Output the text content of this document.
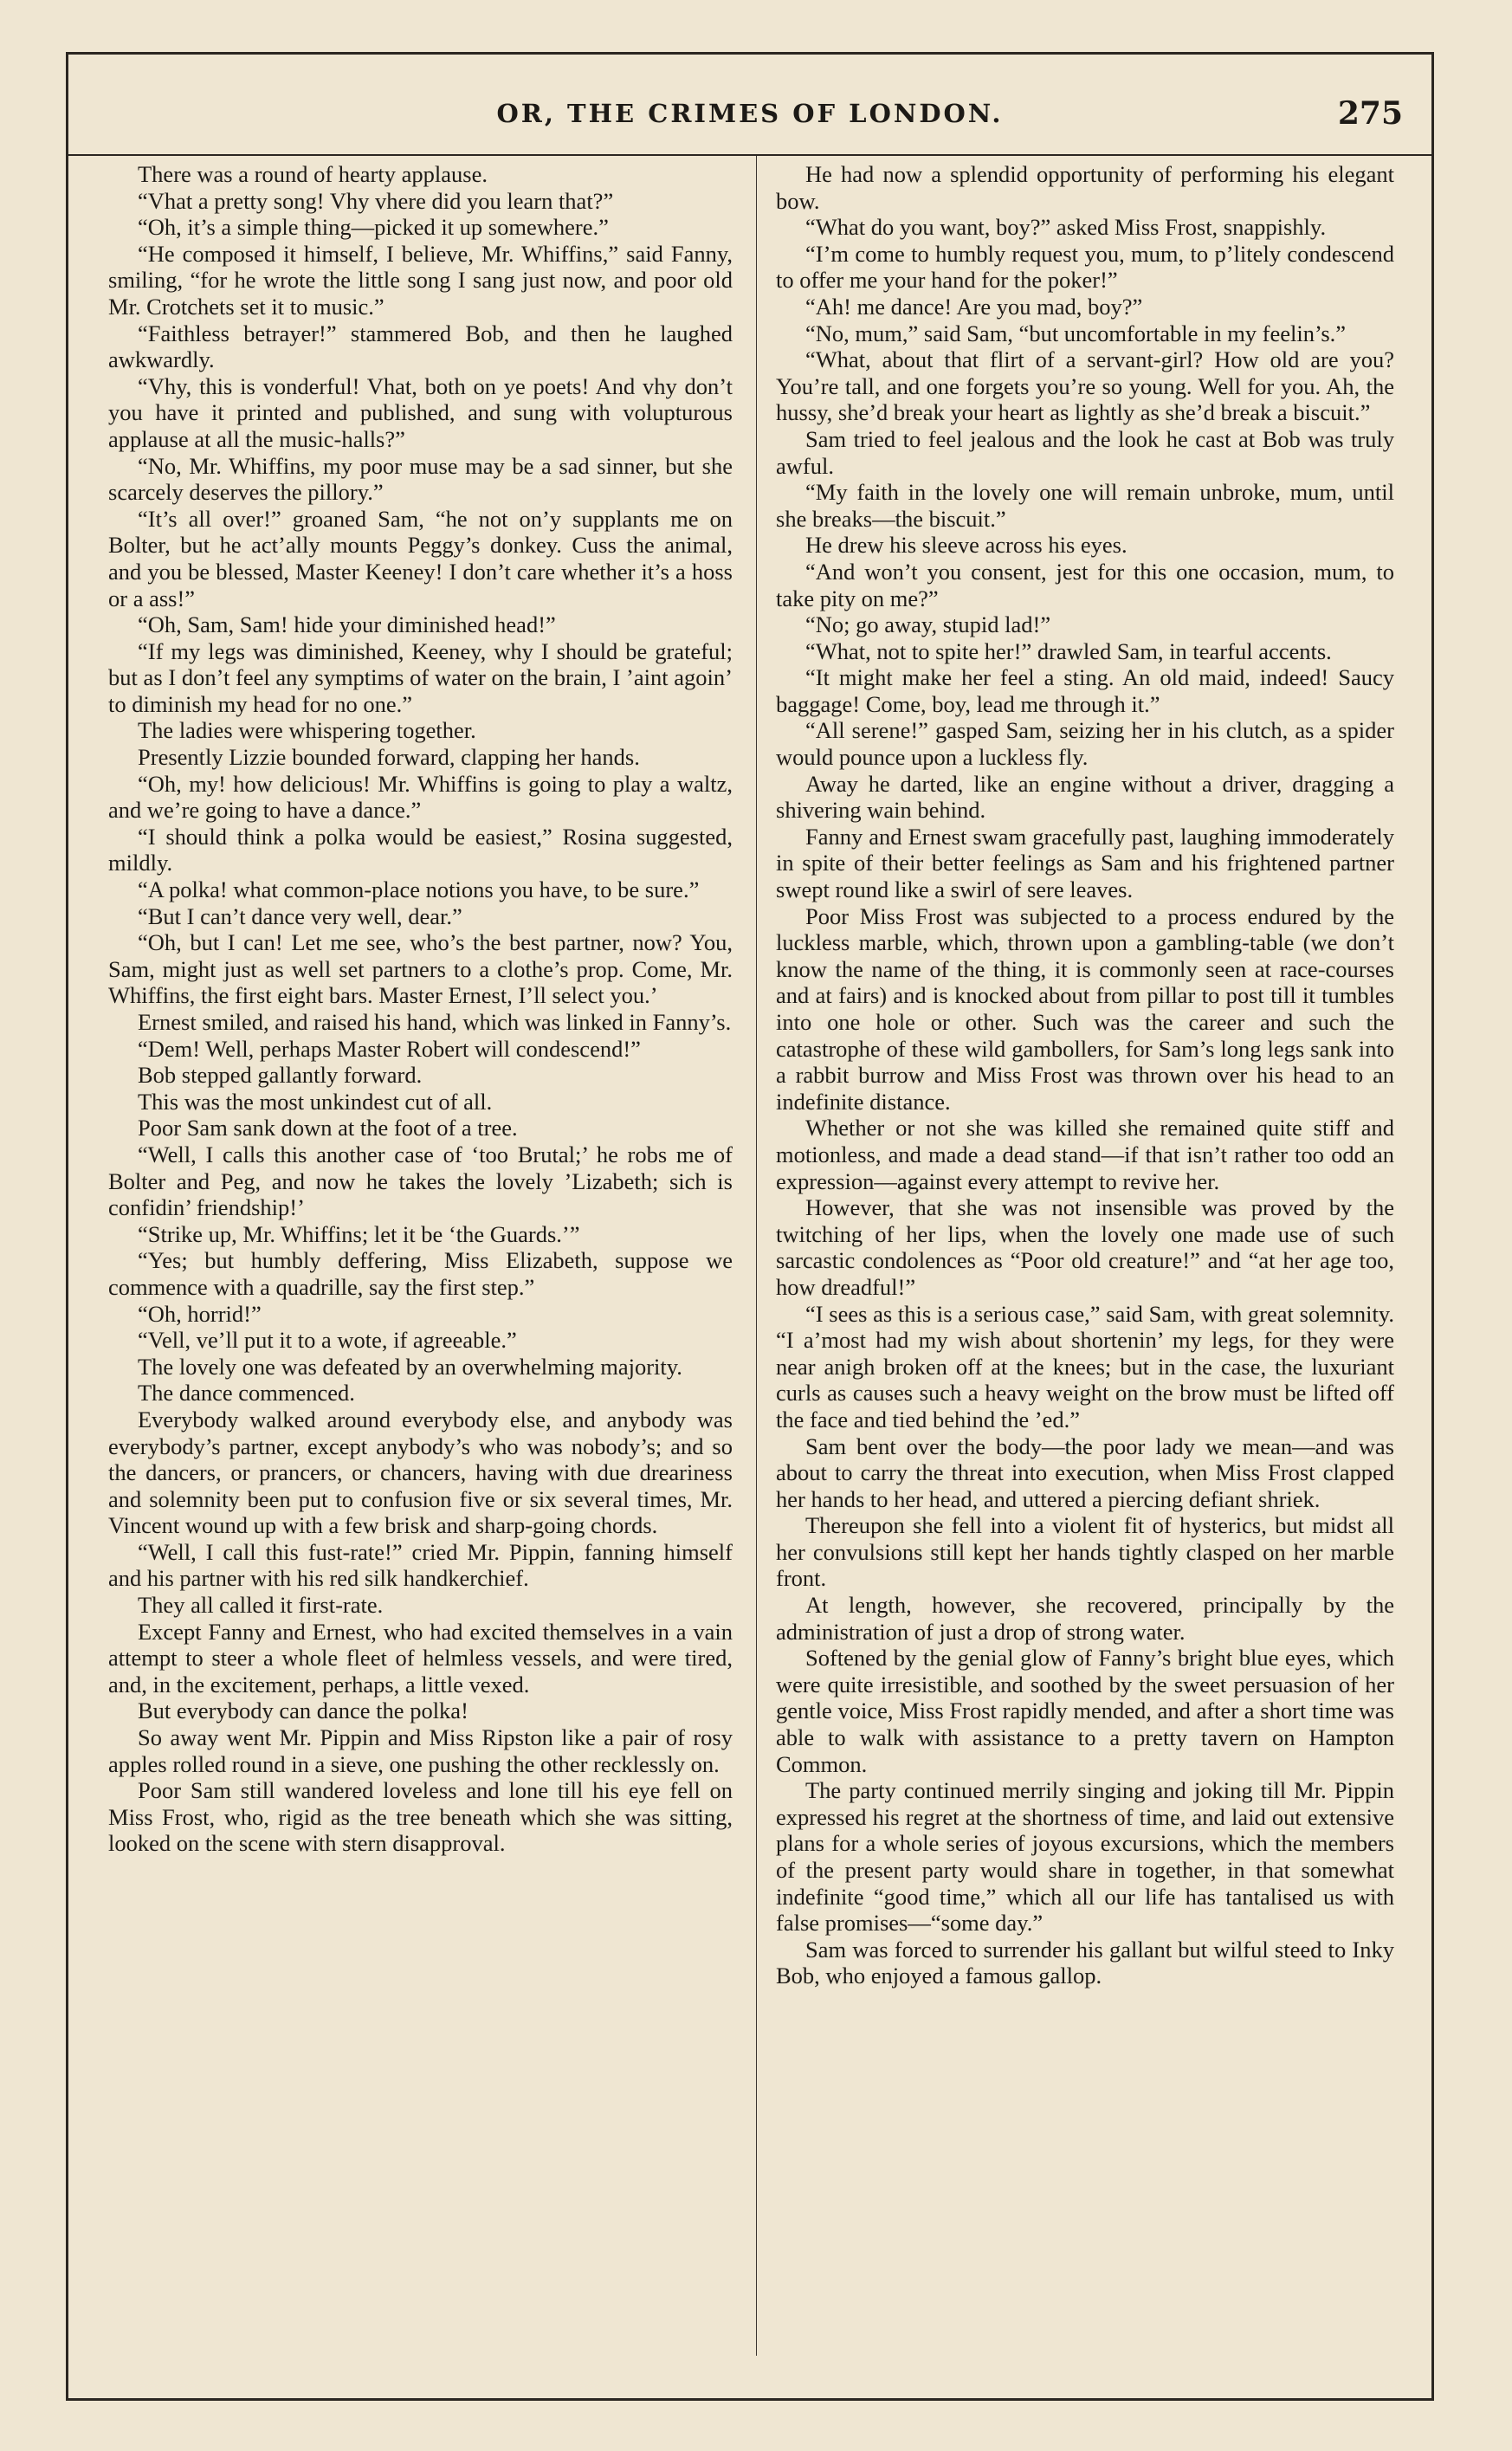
OR, THE CRIMES OF LONDON.	275

There was a round of hearty applause.

“Vhat a pretty song! Vhy vhere did you learn that?”

“Oh, it’s a simple thing—picked it up somewhere.”

“He composed it himself, I believe, Mr. Whiffins,” said Fanny, smiling, “for he wrote the little song I sang just now, and poor old Mr. Crotchets set it to music.”

“Faithless betrayer!” stammered Bob, and then he laughed awkwardly.

“Vhy, this is vonderful! Vhat, both on ye poets! And vhy don’t you have it printed and published, and sung with volupturous applause at all the music-halls?”

“No, Mr. Whiffins, my poor muse may be a sad sinner, but she scarcely deserves the pillory.”

“It’s all over!” groaned Sam, “he not on’y supplants me on Bolter, but he act’ally mounts Peggy’s donkey. Cuss the animal, and you be blessed, Master Keeney! I don’t care whether it’s a hoss or a ass!”

“Oh, Sam, Sam! hide your diminished head!”

“If my legs was diminished, Keeney, why I should be grateful; but as I don’t feel any symptims of water on the brain, I ’aint agoin’ to diminish my head for no one.”

The ladies were whispering together.

Presently Lizzie bounded forward, clapping her hands.

“Oh, my! how delicious! Mr. Whiffins is going to play a waltz, and we’re going to have a dance.”

“I should think a polka would be easiest,” Rosina suggested, mildly.

“A polka! what common-place notions you have, to be sure.”

“But I can’t dance very well, dear.”

“Oh, but I can! Let me see, who’s the best partner, now? You, Sam, might just as well set partners to a clothe’s prop. Come, Mr. Whiffins, the first eight bars. Master Ernest, I’ll select you.’

Ernest smiled, and raised his hand, which was linked in Fanny’s.

“Dem! Well, perhaps Master Robert will condescend!”

Bob stepped gallantly forward.

This was the most unkindest cut of all.

Poor Sam sank down at the foot of a tree.

“Well, I calls this another case of ‘too Brutal;’ he robs me of Bolter and Peg, and now he takes the lovely ’Lizabeth; sich is confidin’ friendship!’

“Strike up, Mr. Whiffins; let it be ‘the Guards.’”

“Yes; but humbly deffering, Miss Elizabeth, suppose we commence with a quadrille, say the first step.”

“Oh, horrid!”

“Vell, ve’ll put it to a wote, if agreeable.”

The lovely one was defeated by an overwhelming majority.

The dance commenced.

Everybody walked around everybody else, and anybody was everybody’s partner, except anybody’s who was nobody’s; and so the dancers, or prancers, or chancers, having with due dreariness and solemnity been put to confusion five or six several times, Mr. Vincent wound up with a few brisk and sharp-going chords.

“Well, I call this fust-rate!” cried Mr. Pippin, fanning himself and his partner with his red silk handkerchief.

They all called it first-rate.

Except Fanny and Ernest, who had excited themselves in a vain attempt to steer a whole fleet of helmless vessels, and were tired, and, in the excitement, perhaps, a little vexed.

But everybody can dance the polka!

So away went Mr. Pippin and Miss Ripston like a pair of rosy apples rolled round in a sieve, one pushing the other recklessly on.

Poor Sam still wandered loveless and lone till his eye fell on Miss Frost, who, rigid as the tree beneath which she was sitting, looked on the scene with stern disapproval.

He had now a splendid opportunity of performing his elegant bow.

“What do you want, boy?” asked Miss Frost, snappishly.

“I’m come to humbly request you, mum, to p’litely condescend to offer me your hand for the poker!”

“Ah! me dance! Are you mad, boy?”

“No, mum,” said Sam, “but uncomfortable in my feelin’s.”

“What, about that flirt of a servant-girl? How old are you? You’re tall, and one forgets you’re so young. Well for you. Ah, the hussy, she’d break your heart as lightly as she’d break a biscuit.”

Sam tried to feel jealous and the look he cast at Bob was truly awful.

“My faith in the lovely one will remain unbroke, mum, until she breaks—the biscuit.”

He drew his sleeve across his eyes.

“And won’t you consent, jest for this one occasion, mum, to take pity on me?”

“No; go away, stupid lad!”

“What, not to spite her!” drawled Sam, in tearful accents.

“It might make her feel a sting. An old maid, indeed! Saucy baggage! Come, boy, lead me through it.”

“All serene!” gasped Sam, seizing her in his clutch, as a spider would pounce upon a luckless fly.

Away he darted, like an engine without a driver, dragging a shivering wain behind.

Fanny and Ernest swam gracefully past, laughing immoderately in spite of their better feelings as Sam and his frightened partner swept round like a swirl of sere leaves.

Poor Miss Frost was subjected to a process endured by the luckless marble, which, thrown upon a gambling-table (we don’t know the name of the thing, it is commonly seen at race-courses and at fairs) and is knocked about from pillar to post till it tumbles into one hole or other. Such was the career and such the catastrophe of these wild gambollers, for Sam’s long legs sank into a rabbit burrow and Miss Frost was thrown over his head to an indefinite distance.

Whether or not she was killed she remained quite stiff and motionless, and made a dead stand—if that isn’t rather too odd an expression—against every attempt to revive her.

However, that she was not insensible was proved by the twitching of her lips, when the lovely one made use of such sarcastic condolences as “Poor old creature!” and “at her age too, how dreadful!”

“I sees as this is a serious case,” said Sam, with great solemnity. “I a’most had my wish about shortenin’ my legs, for they were near anigh broken off at the knees; but in the case, the luxuriant curls as causes such a heavy weight on the brow must be lifted off the face and tied behind the ’ed.”

Sam bent over the body—the poor lady we mean—and was about to carry the threat into execution, when Miss Frost clapped her hands to her head, and uttered a piercing defiant shriek.

Thereupon she fell into a violent fit of hysterics, but midst all her convulsions still kept her hands tightly clasped on her marble front.

At length, however, she recovered, principally by the administration of just a drop of strong water.

Softened by the genial glow of Fanny’s bright blue eyes, which were quite irresistible, and soothed by the sweet persuasion of her gentle voice, Miss Frost rapidly mended, and after a short time was able to walk with assistance to a pretty tavern on Hampton Common.

The party continued merrily singing and joking till Mr. Pippin expressed his regret at the shortness of time, and laid out extensive plans for a whole series of joyous excursions, which the members of the present party would share in together, in that somewhat indefinite “good time,” which all our life has tantalised us with false promises—“some day.”

Sam was forced to surrender his gallant but wilful steed to Inky Bob, who enjoyed a famous gallop.
